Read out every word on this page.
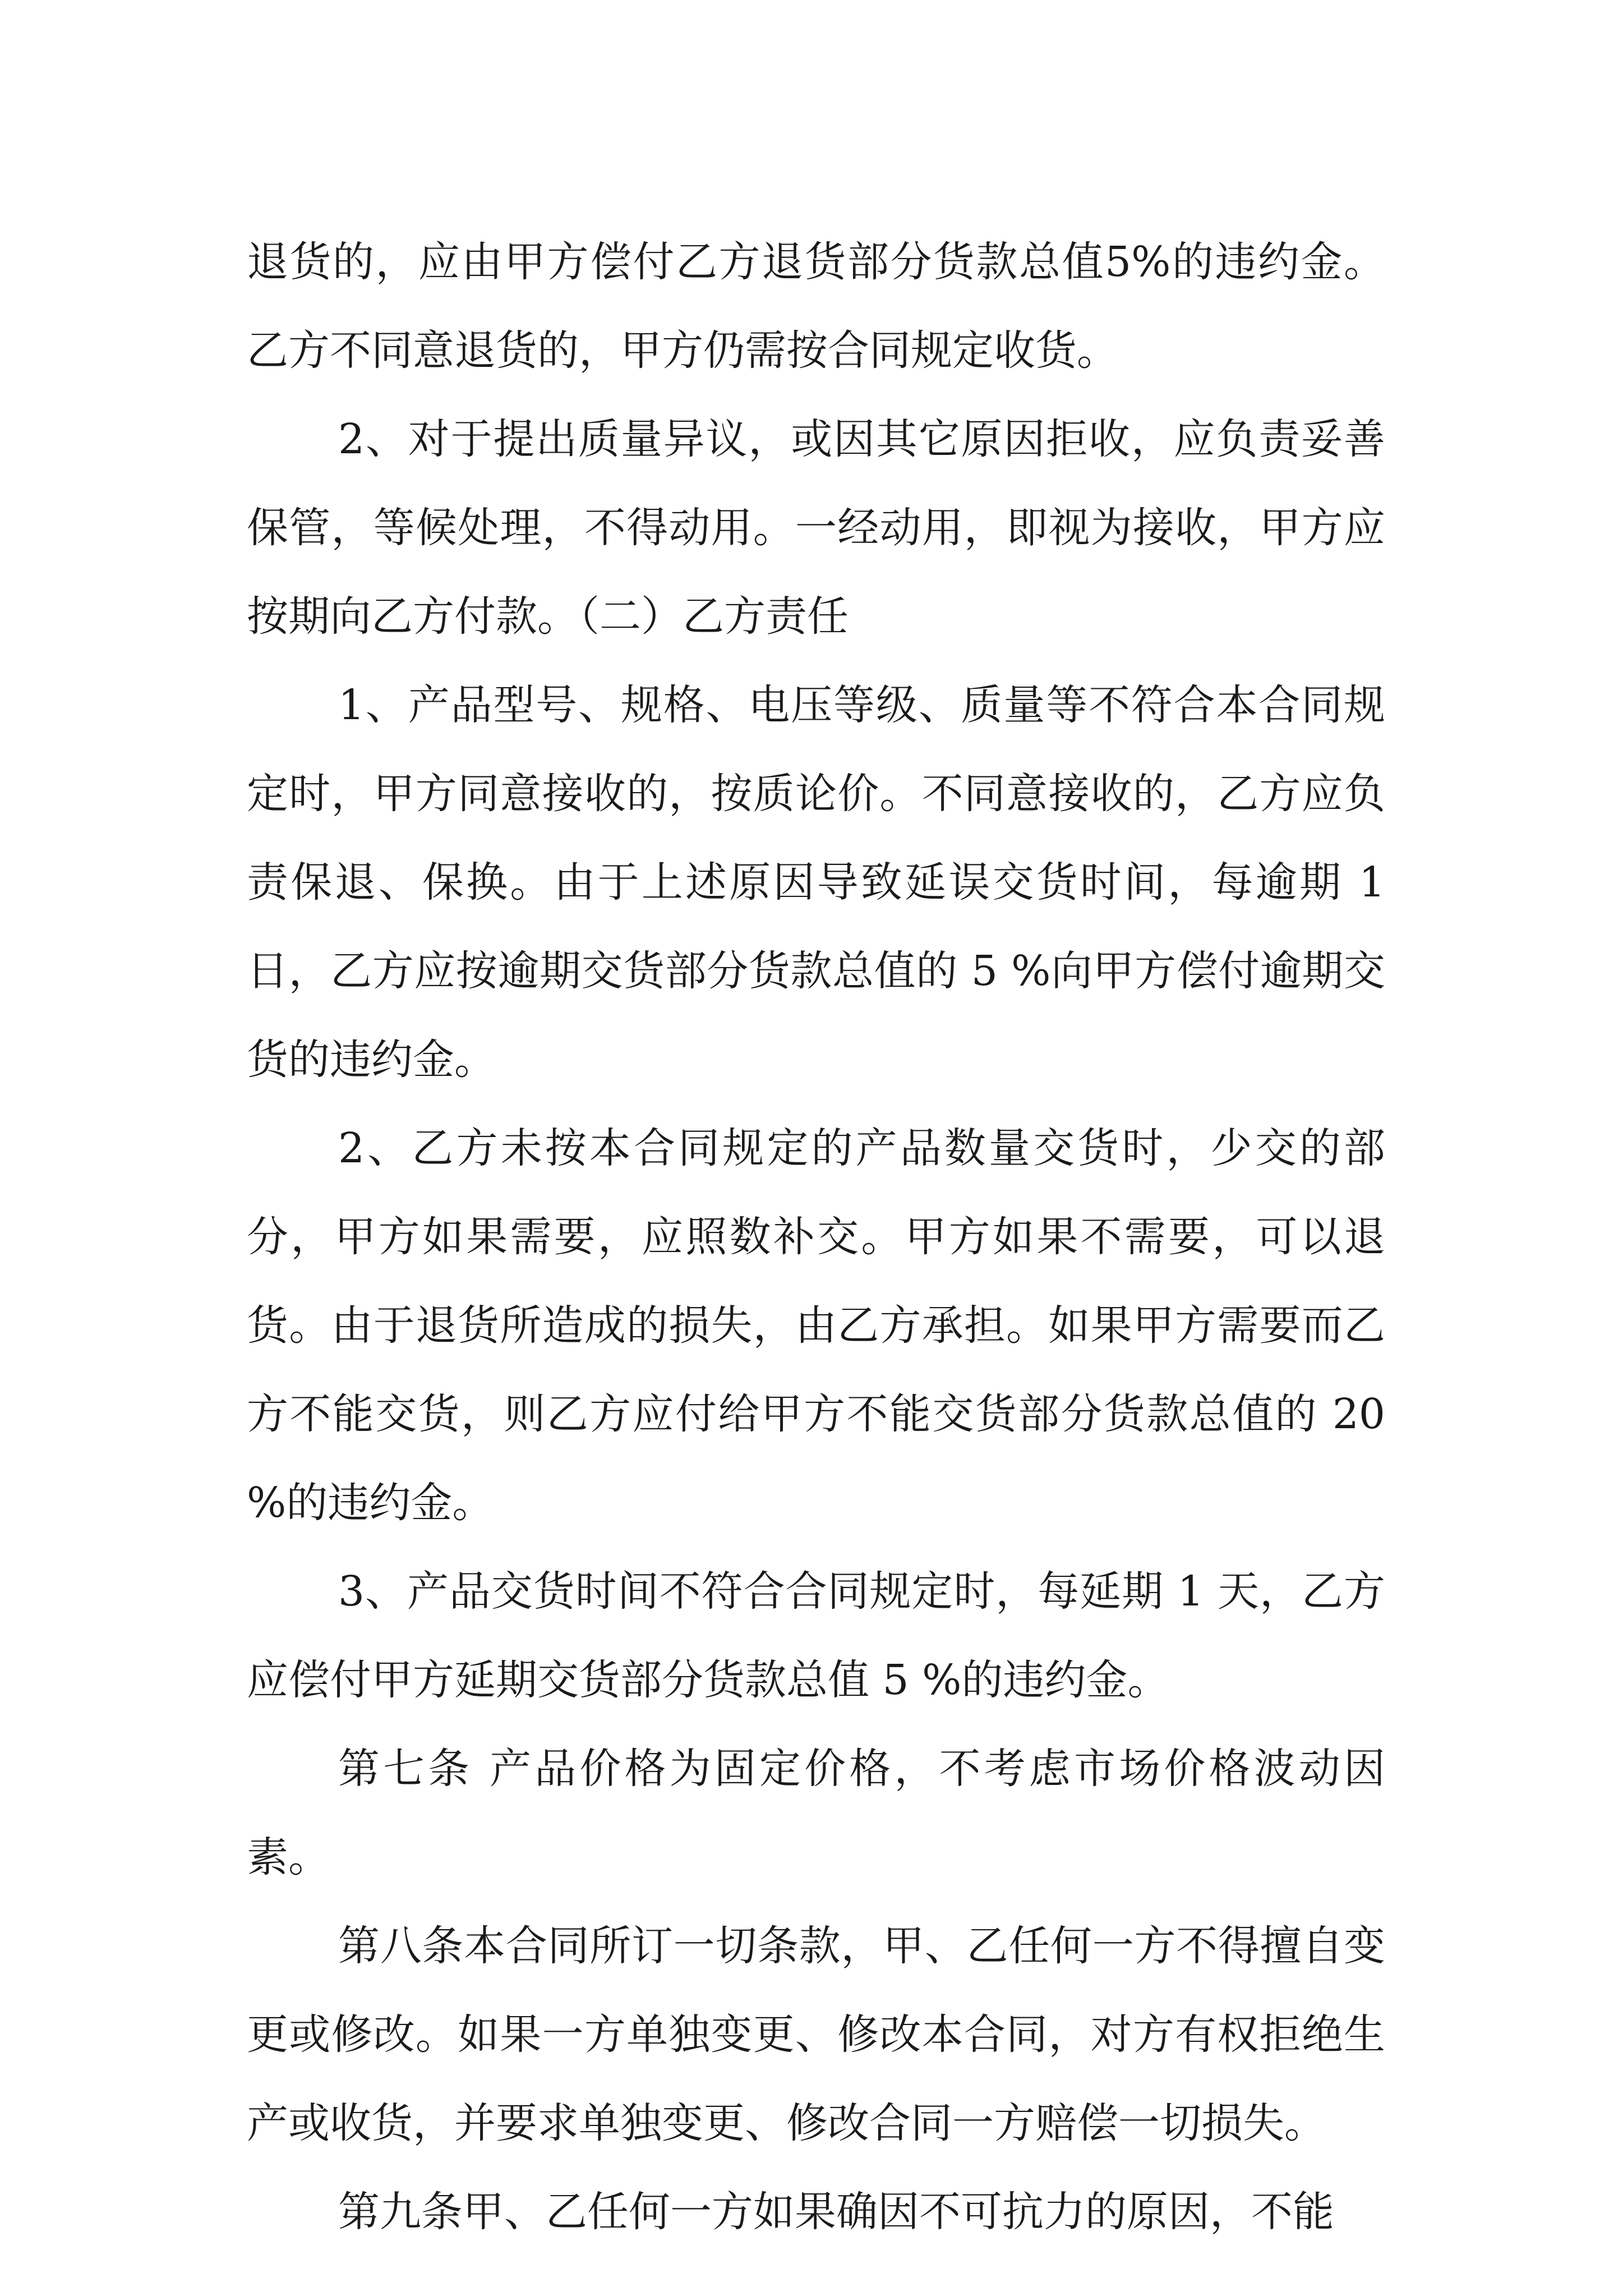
退货的，应由甲方偿付乙方退货部分货款总值5%的违约金。乙方不同意退货的，甲方仍需按合同规定收货。

2、对于提出质量异议，或因其它原因拒收，应负责妥善保管，等候处理，不得动用。一经动用，即视为接收，甲方应按期向乙方付款。（二）乙方责任

1、产品型号、规格、电压等级、质量等不符合本合同规定时，甲方同意接收的，按质论价。不同意接收的，乙方应负责保退、保换。由于上述原因导致延误交货时间，每逾期 1 日，乙方应按逾期交货部分货款总值的 5 %向甲方偿付逾期交货的违约金。

2、乙方未按本合同规定的产品数量交货时，少交的部分，甲方如果需要，应照数补交。甲方如果不需要，可以退货。由于退货所造成的损失，由乙方承担。如果甲方需要而乙方不能交货，则乙方应付给甲方不能交货部分货款总值的 20 %的违约金。

3、产品交货时间不符合合同规定时，每延期 1 天，乙方应偿付甲方延期交货部分货款总值 5 %的违约金。

第七条 产品价格为固定价格，不考虑市场价格波动因素。

第八条本合同所订一切条款，甲、乙任何一方不得擅自变更或修改。如果一方单独变更、修改本合同，对方有权拒绝生产或收货，并要求单独变更、修改合同一方赔偿一切损失。

第九条甲、乙任何一方如果确因不可抗力的原因，不能
